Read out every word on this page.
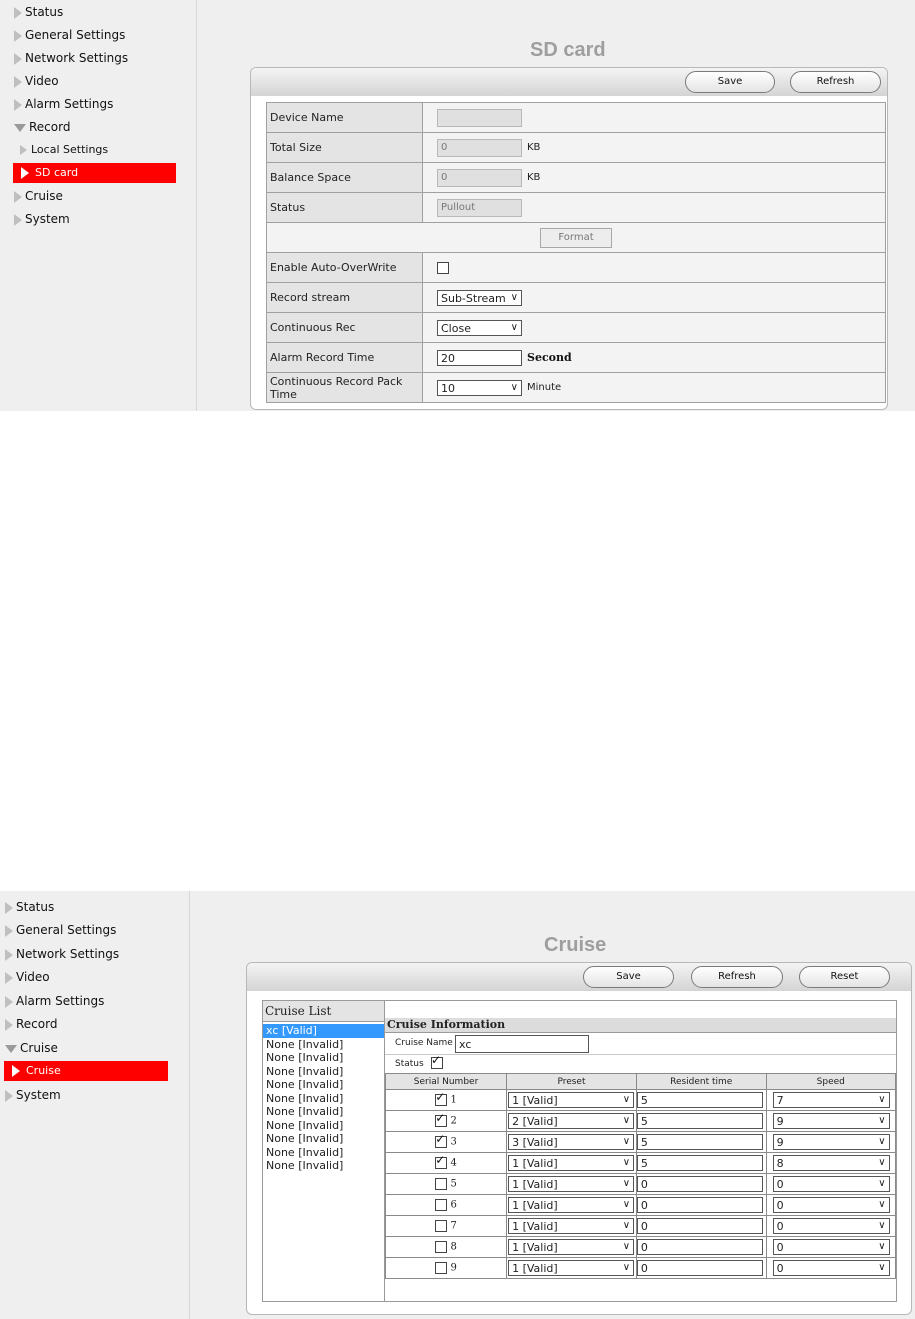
Status
General Settings
Network Settings
Video
Alarm Settings
Record
Local Settings
SD card
Cruise
System
SD card
Save	Refresh
Device Name	
Total Size	0 KB
Balance Space	0 KB
Status	Pullout
Format	
Enable Auto-OverWrite	
Record stream	Sub-Stream ∨

Continuous Rec	Close ∨

Alarm Record Time	20 Second
Continuous Record Pack Time	10 ∨ Minute
Status
General Settings
Network Settings
Video
Alarm Settings
Record
Cruise
Cruise
System
Cruise
Save	Refresh	Reset
Cruise List
xc [Valid]
None [Invalid]
None [Invalid]
None [Invalid]
None [Invalid]
None [Invalid]
None [Invalid]
None [Invalid]
None [Invalid]
None [Invalid]
None [Invalid]
Cruise Information
Cruise Name xc
Status
✓
Serial Number	Preset	Resident time	Speed
✓ 1	1 [Valid] ∨	5	7 ∨

✓ 2	2 [Valid] ∨	5	9 ∨

✓ 3	3 [Valid] ∨	5	9 ∨

✓ 4	1 [Valid] ∨	5	8 ∨

5	1 [Valid] ∨	0	0 ∨

6	1 [Valid] ∨	0	0 ∨

7	1 [Valid] ∨	0	0 ∨

8	1 [Valid] ∨	0	0 ∨

9	1 [Valid] ∨	0	0 ∨
